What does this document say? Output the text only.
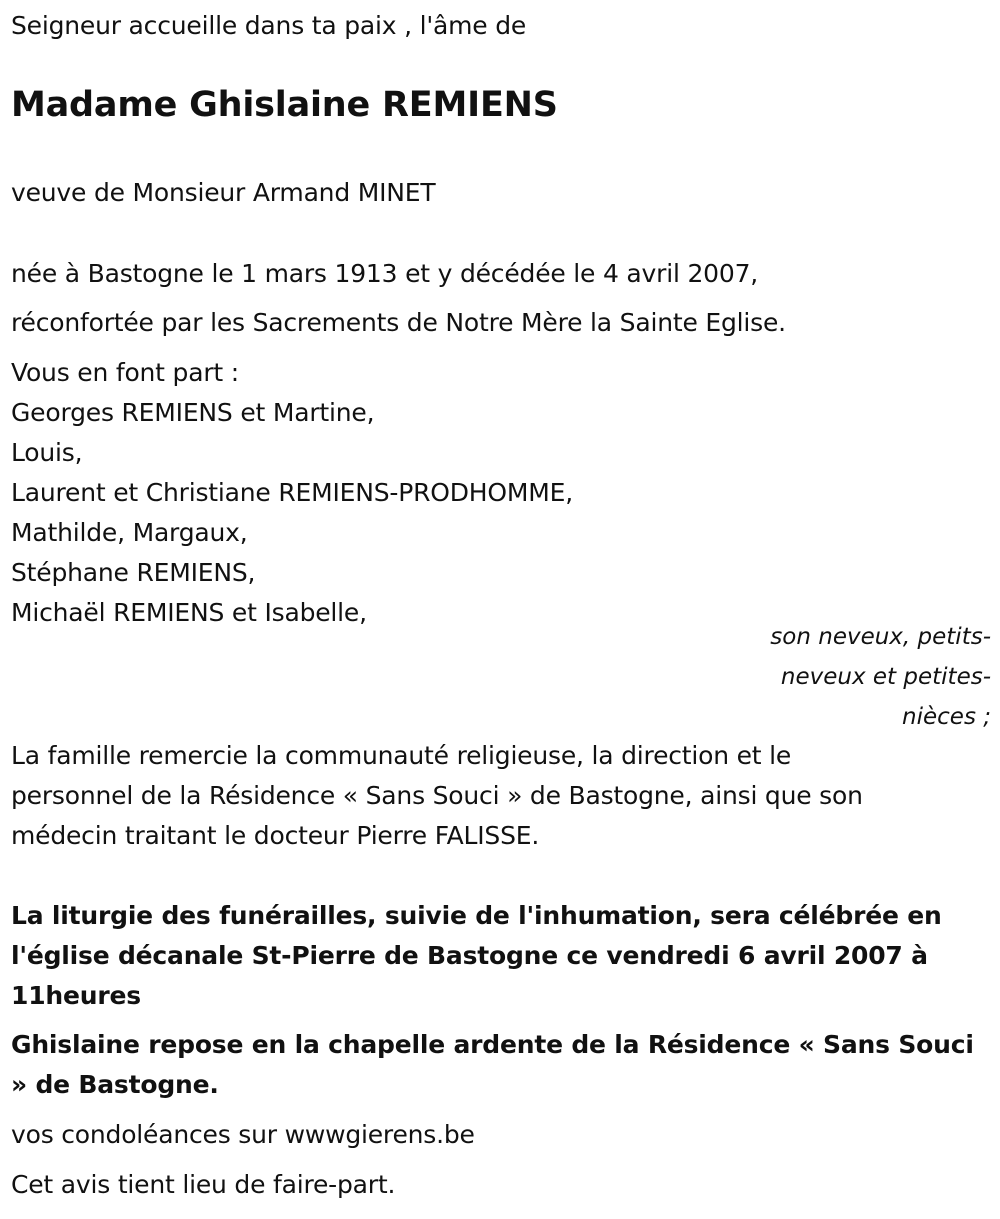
Seigneur accueille dans ta paix , l'âme de
Madame Ghislaine REMIENS
veuve de Monsieur Armand MINET
née à Bastogne le 1 mars 1913 et y décédée le 4 avril 2007,
réconfortée par les Sacrements de Notre Mère la Sainte Eglise.
Vous en font part :
Georges REMIENS et Martine,
Louis,
Laurent et Christiane REMIENS-PRODHOMME,
Mathilde, Margaux,
Stéphane REMIENS,
Michaël REMIENS et Isabelle,
son neveux, petits-neveux et petites-nièces ;
La famille remercie la communauté religieuse, la direction et le personnel de la Résidence « Sans Souci » de Bastogne, ainsi que son médecin traitant le docteur Pierre FALISSE.
La liturgie des funérailles, suivie de l'inhumation, sera célébrée en l'église décanale St-Pierre de Bastogne ce vendredi 6 avril 2007 à 11heures
Ghislaine repose en la chapelle ardente de la Résidence « Sans Souci » de Bastogne.
vos condoléances sur wwwgierens.be
Cet avis tient lieu de faire-part.
